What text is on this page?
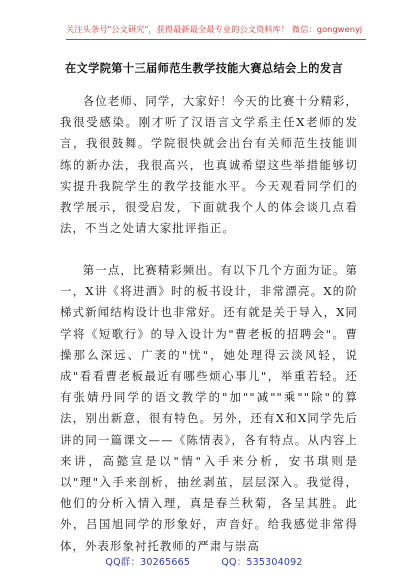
关注头条号"公文研究"，获得最新最全最专业的公文资料库！ 微信：gongwenyj
在文学院第十三届师范生教学技能大赛总结会上的发言

各位老师、同学，大家好！今天的比赛十分精彩，我很受感染。刚才听了汉语言文学系主任X老师的发言，我很鼓舞。学院很快就会出台有关师范生技能训练的新办法，我很高兴，也真诚希望这些举措能够切实提升我院学生的教学技能水平。今天观看同学们的教学展示，很受启发，下面就我个人的体会谈几点看法，不当之处请大家批评指正。

第一点，比赛精彩频出。有以下几个方面为证。第一，X讲《将进酒》时的板书设计，非常漂亮。X的阶梯式新闻结构设计也非常好。还有就是关于导入，X同学将《短歌行》的导入设计为"曹老板的招聘会"。曹操那么深远、广袤的"忧"，她处理得云淡风轻，说成"看看曹老板最近有哪些烦心事儿"，举重若轻。还有张婧丹同学的语文教学的"加""减""乘""除"的算法，别出新意，很有特色。另外，还有X和X同学先后讲的同一篇课文——《陈情表》，各有特点。从内容上来讲，高懿宣是以"情"入手来分析，安书琪则是以"理"入手来剖析，抽丝剥茧，层层深入。我觉得，他们的分析入情入理，真是春兰秋菊，各呈其胜。此外，吕国旭同学的形象好，声音好。给我感觉非常得体，外表形象衬托教师的严肃与崇高

QQ群：30265665	QQ：535304092
